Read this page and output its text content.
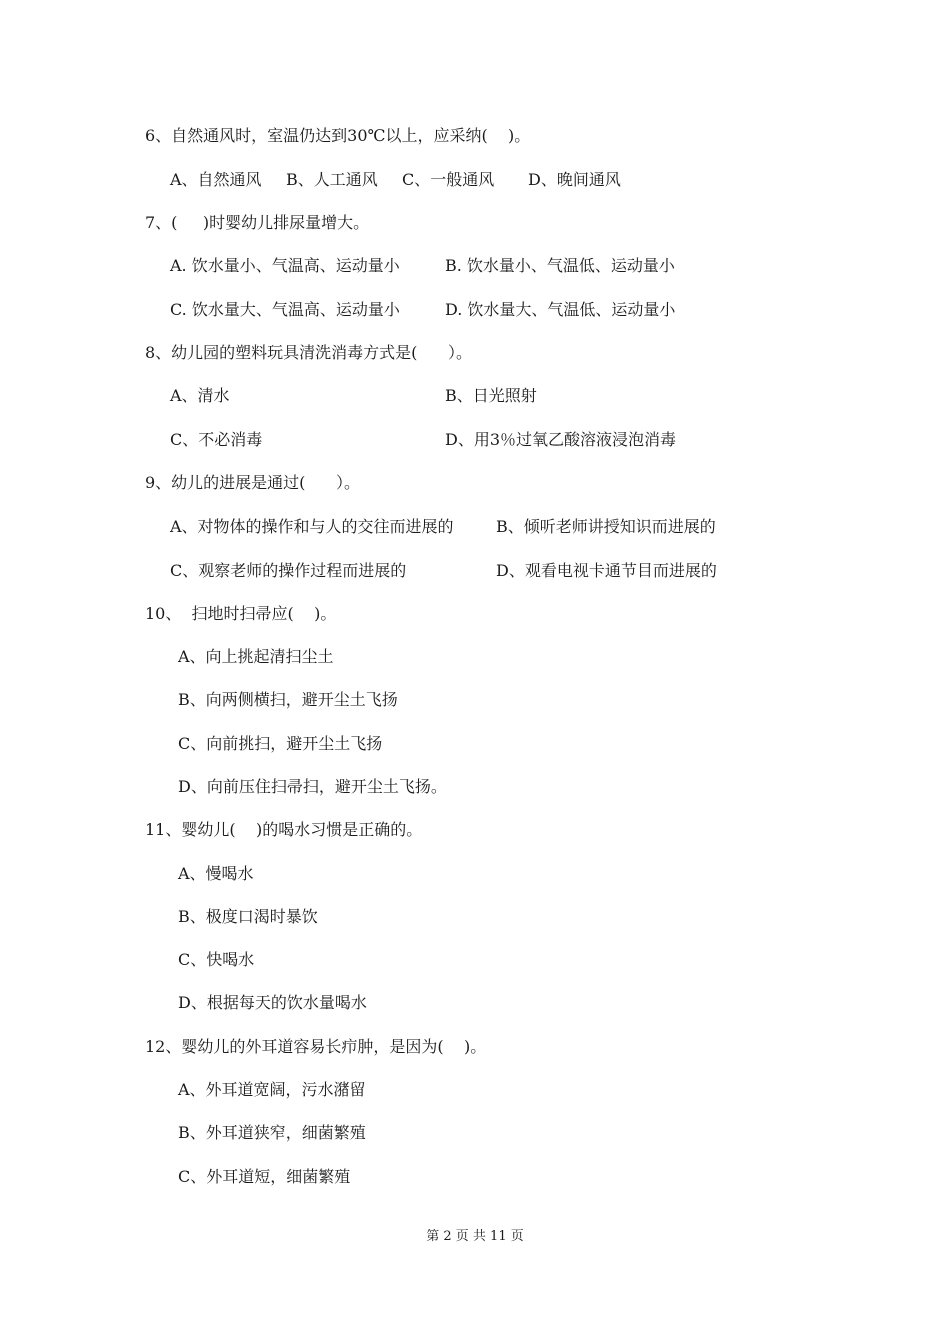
6、自然通风时，室温仍达到30℃以上，应采纳(    )。
A、自然通风 B、人工通风 C、一般通风 D、晚间通风
7、(     )时婴幼儿排尿量增大。
A. 饮水量小、气温高、运动量小	B. 饮水量小、气温低、运动量小
C. 饮水量大、气温高、运动量小	D. 饮水量大、气温低、运动量小
8、幼儿园的塑料玩具清洗消毒方式是(      ）。
A、清水	B、日光照射
C、不必消毒	D、用3％过氧乙酸溶液浸泡消毒
9、幼儿的进展是通过(      ）。
A、对物体的操作和与人的交往而进展的	B、倾听老师讲授知识而进展的
C、观察老师的操作过程而进展的	D、观看电视卡通节目而进展的
10、  扫地时扫帚应(    )。
A、向上挑起清扫尘土
B、向两侧横扫，避开尘土飞扬
C、向前挑扫，避开尘土飞扬
D、向前压住扫帚扫，避开尘土飞扬。
11、婴幼儿(    )的喝水习惯是正确的。
A、慢喝水
B、极度口渴时暴饮
C、快喝水
D、根据每天的饮水量喝水
12、婴幼儿的外耳道容易长疖肿，是因为(    )。
A、外耳道宽阔，污水潴留
B、外耳道狭窄，细菌繁殖
C、外耳道短，细菌繁殖
第 2 页 共 11 页
